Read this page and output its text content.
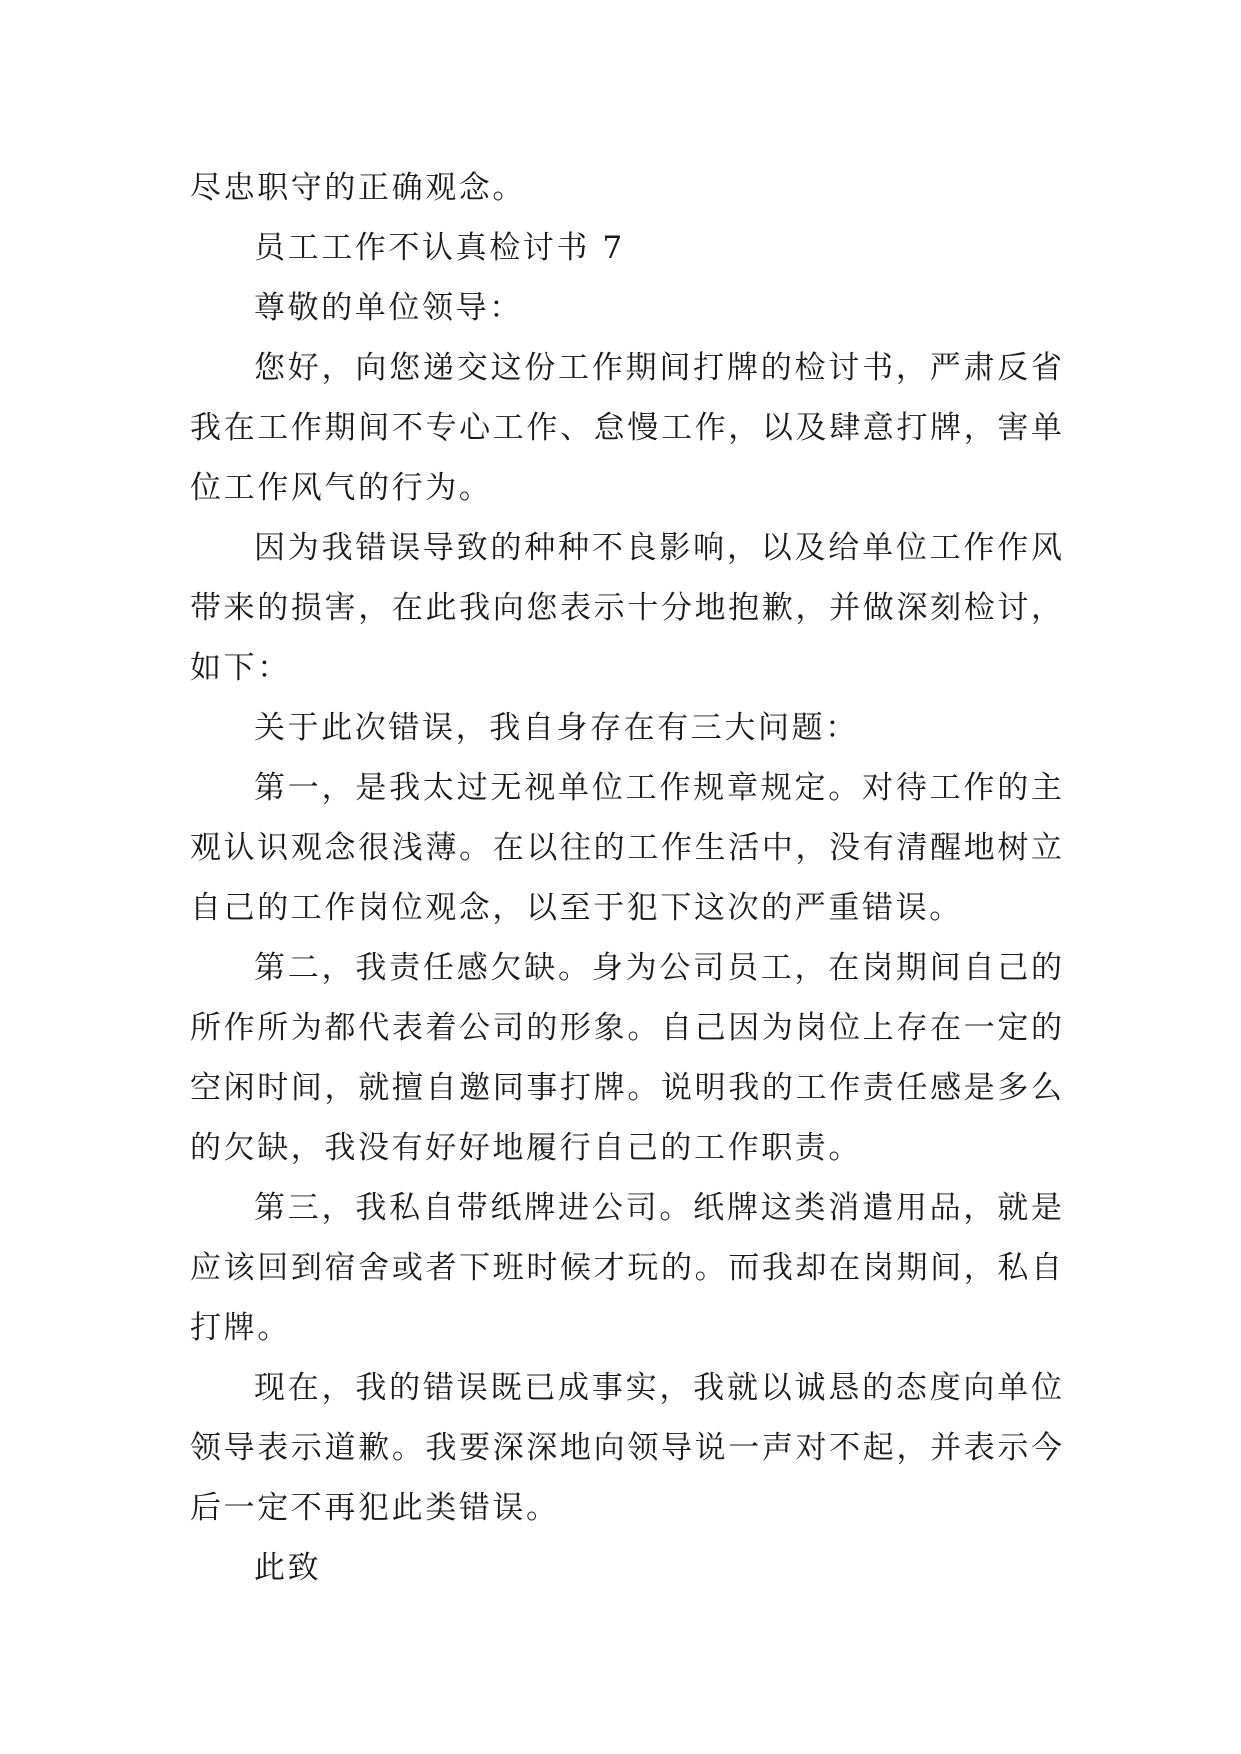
尽忠职守的正确观念。
员工工作不认真检讨书 7
尊敬的单位领导：
您好，向您递交这份工作期间打牌的检讨书，严肃反省
我在工作期间不专心工作、怠慢工作，以及肆意打牌，害单
位工作风气的行为。
因为我错误导致的种种不良影响，以及给单位工作作风
带来的损害，在此我向您表示十分地抱歉，并做深刻检讨，
如下：
关于此次错误，我自身存在有三大问题：
第一，是我太过无视单位工作规章规定。对待工作的主
观认识观念很浅薄。在以往的工作生活中，没有清醒地树立
自己的工作岗位观念，以至于犯下这次的严重错误。
第二，我责任感欠缺。身为公司员工，在岗期间自己的
所作所为都代表着公司的形象。自己因为岗位上存在一定的
空闲时间，就擅自邀同事打牌。说明我的工作责任感是多么
的欠缺，我没有好好地履行自己的工作职责。
第三，我私自带纸牌进公司。纸牌这类消遣用品，就是
应该回到宿舍或者下班时候才玩的。而我却在岗期间，私自
打牌。
现在，我的错误既已成事实，我就以诚恳的态度向单位
领导表示道歉。我要深深地向领导说一声对不起，并表示今
后一定不再犯此类错误。
此致
